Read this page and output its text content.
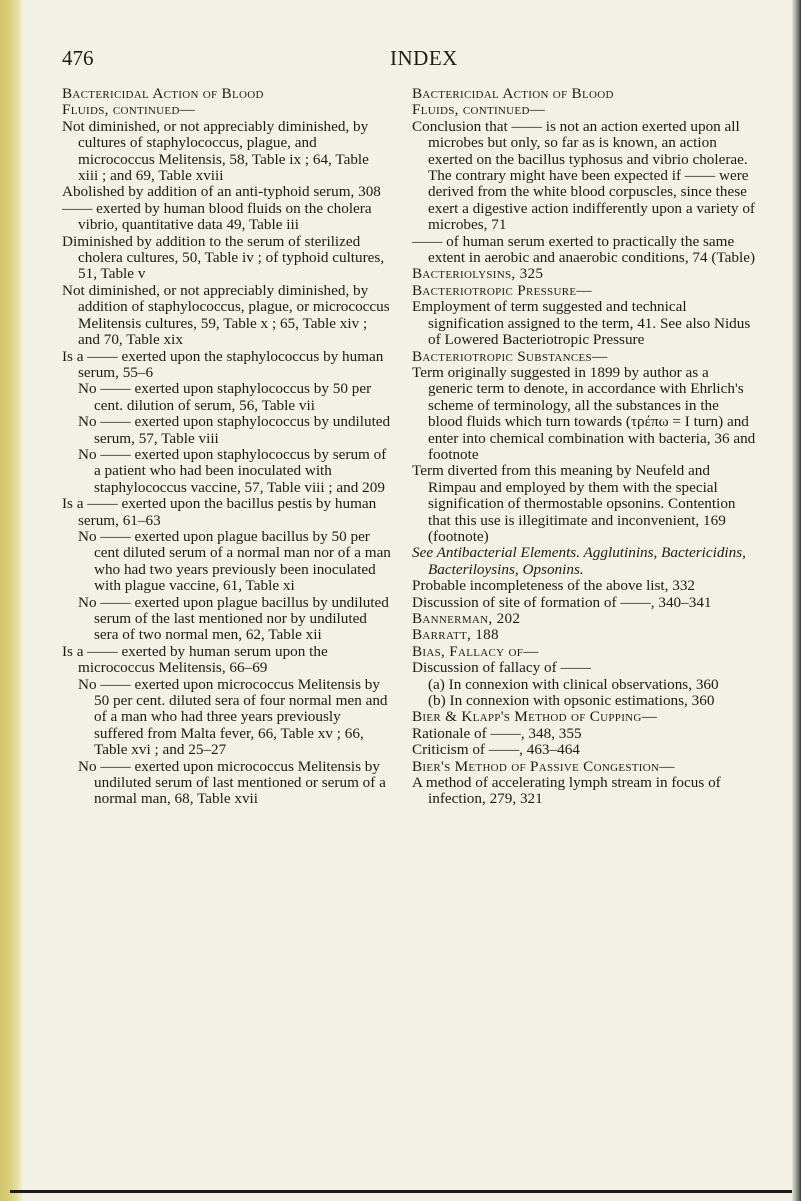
476	INDEX

Bactericidal Action of Blood

Fluids, continued—

Not diminished, or not appreciably diminished, by cultures of staphylococcus, plague, and micrococcus Melitensis, 58, Table ix ; 64, Table xiii ; and 69, Table xviii

Abolished by addition of an anti-typhoid serum, 308

—— exerted by human blood fluids on the cholera vibrio, quantitative data 49, Table iii

Diminished by addition to the serum of sterilized cholera cultures, 50, Table iv ; of typhoid cultures, 51, Table v

Not diminished, or not appreciably diminished, by addition of staphylococcus, plague, or micrococcus Melitensis cultures, 59, Table x ; 65, Table xiv ; and 70, Table xix

Is a —— exerted upon the staphylococcus by human serum, 55–6

No —— exerted upon staphylococcus by 50 per cent. dilution of serum, 56, Table vii

No —— exerted upon staphylococcus by undiluted serum, 57, Table viii

No —— exerted upon staphylococcus by serum of a patient who had been inoculated with staphylococcus vaccine, 57, Table viii ; and 209

Is a —— exerted upon the bacillus pestis by human serum, 61–63

No —— exerted upon plague bacillus by 50 per cent diluted serum of a normal man nor of a man who had two years previously been inoculated with plague vaccine, 61, Table xi

No —— exerted upon plague bacillus by undiluted serum of the last mentioned nor by undiluted sera of two normal men, 62, Table xii

Is a —— exerted by human serum upon the micrococcus Melitensis, 66–69

No —— exerted upon micrococcus Melitensis by 50 per cent. diluted sera of four normal men and of a man who had three years previously suffered from Malta fever, 66, Table xv ; 66, Table xvi ; and 25–27

No —— exerted upon micrococcus Melitensis by undiluted serum of last mentioned or serum of a normal man, 68, Table xvii

Bactericidal Action of Blood

Fluids, continued—

Conclusion that —— is not an action exerted upon all microbes but only, so far as is known, an action exerted on the bacillus typhosus and vibrio cholerae. The contrary might have been expected if —— were derived from the white blood corpuscles, since these exert a digestive action indifferently upon a variety of microbes, 71

—— of human serum exerted to practically the same extent in aerobic and anaerobic conditions, 74 (Table)

Bacteriolysins, 325

Bacteriotropic Pressure—

Employment of term suggested and technical signification assigned to the term, 41. See also Nidus of Lowered Bacteriotropic Pressure

Bacteriotropic Substances—

Term originally suggested in 1899 by author as a generic term to denote, in accordance with Ehrlich's scheme of terminology, all the substances in the blood fluids which turn towards (τρέπω = I turn) and enter into chemical combination with bacteria, 36 and footnote

Term diverted from this meaning by Neufeld and Rimpau and employed by them with the special signification of thermostable opsonins. Contention that this use is illegitimate and inconvenient, 169 (footnote)

See Antibacterial Elements. Agglutinins, Bactericidins, Bacteriloysins, Opsonins.

Probable incompleteness of the above list, 332

Discussion of site of formation of ——, 340–341

Bannerman, 202

Barratt, 188

Bias, Fallacy of—

Discussion of fallacy of ——

(a) In connexion with clinical observations, 360

(b) In connexion with opsonic estimations, 360

Bier & Klapp's Method of Cupping—

Rationale of ——, 348, 355

Criticism of ——, 463–464

Bier's Method of Passive Congestion—

A method of accelerating lymph stream in focus of infection, 279, 321
